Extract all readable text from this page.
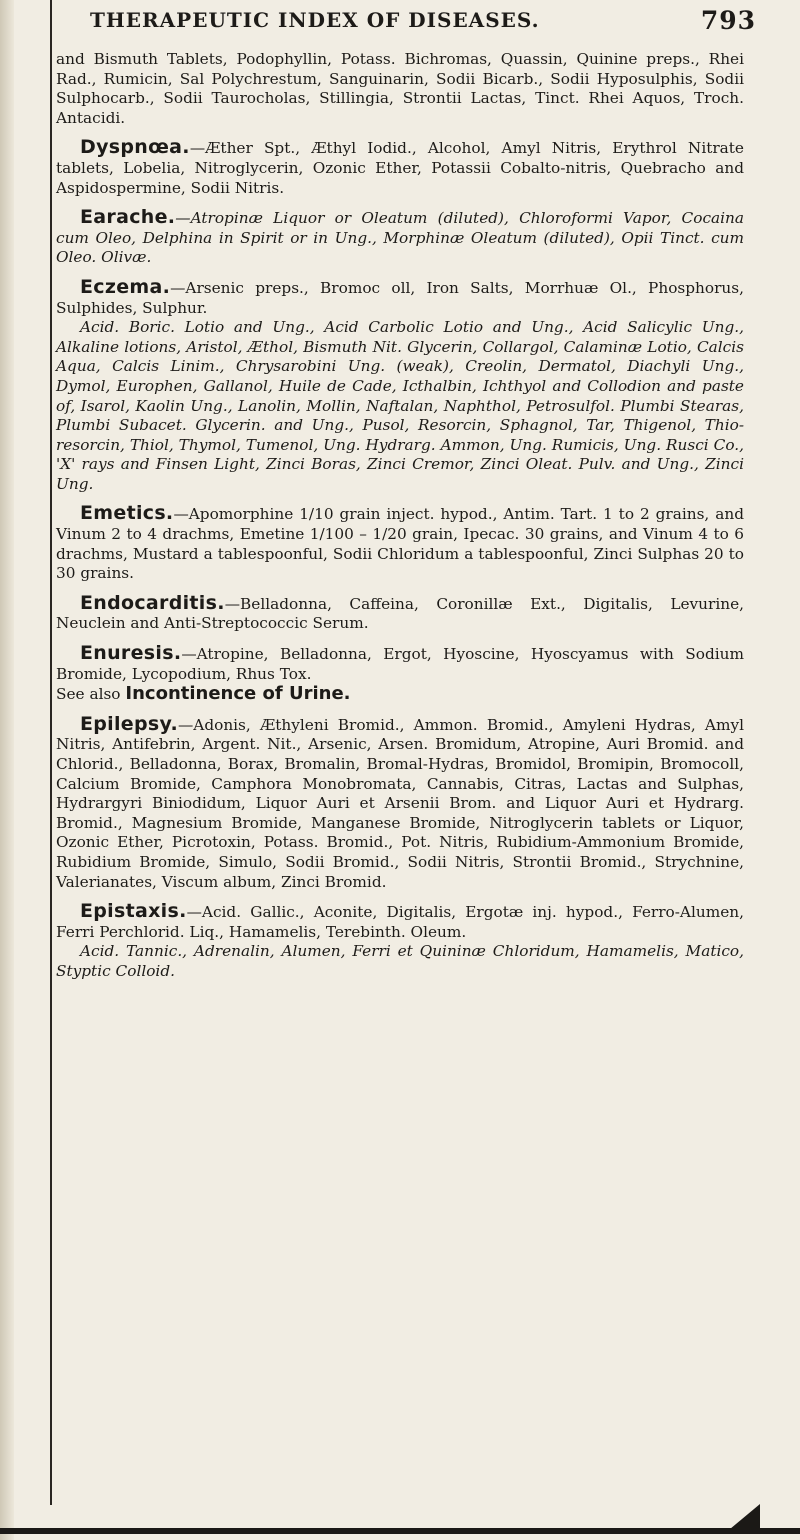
THERAPEUTIC INDEX OF DISEASES.	793

and Bismuth Tablets, Podophyllin, Potass. Bichromas, Quassin, Quinine preps., Rhei Rad., Rumicin, Sal Polychrestum, Sanguinarin, Sodii Bicarb., Sodii Hyposulphis, Sodii Sulphocarb., Sodii Taurocholas, Stillingia, Strontii Lactas, Tinct. Rhei Aquos, Troch. Antacidi.

Dyspnœa.—Æther Spt., Æthyl Iodid., Alcohol, Amyl Nitris, Erythrol Nitrate tablets, Lobelia, Nitroglycerin, Ozonic Ether, Potassii Cobalto-nitris, Quebracho and Aspidospermine, Sodii Nitris.

Earache.—Atropinæ Liquor or Oleatum (diluted), Chloroformi Vapor, Cocaina cum Oleo, Delphina in Spirit or in Ung., Morphinæ Oleatum (diluted), Opii Tinct. cum Oleo. Olivæ.

Eczema.—Arsenic preps., Bromoc oll, Iron Salts, Morrhuæ Ol., Phosphorus, Sulphides, Sulphur.

Acid. Boric. Lotio and Ung., Acid Carbolic Lotio and Ung., Acid Salicylic Ung., Alkaline lotions, Aristol, Æthol, Bismuth Nit. Glycerin, Collargol, Calaminæ Lotio, Calcis Aqua, Calcis Linim., Chrysarobini Ung. (weak), Creolin, Dermatol, Diachyli Ung., Dymol, Europhen, Gallanol, Huile de Cade, Icthalbin, Ichthyol and Collodion and paste of, Isarol, Kaolin Ung., Lanolin, Mollin, Naftalan, Naphthol, Petrosulfol. Plumbi Stearas, Plumbi Subacet. Glycerin. and Ung., Pusol, Resorcin, Sphagnol, Tar, Thigenol, Thio-resorcin, Thiol, Thymol, Tumenol, Ung. Hydrarg. Ammon, Ung. Rumicis, Ung. Rusci Co., 'X' rays and Finsen Light, Zinci Boras, Zinci Cremor, Zinci Oleat. Pulv. and Ung., Zinci Ung.

Emetics.—Apomorphine 1/10 grain inject. hypod., Antim. Tart. 1 to 2 grains, and Vinum 2 to 4 drachms, Emetine 1/100 – 1/20 grain, Ipecac. 30 grains, and Vinum 4 to 6 drachms, Mustard a tablespoonful, Sodii Chloridum a tablespoonful, Zinci Sulphas 20 to 30 grains.

Endocarditis.—Belladonna, Caffeina, Coronillæ Ext., Digitalis, Levurine, Neuclein and Anti-Streptococcic Serum.

Enuresis.—Atropine, Belladonna, Ergot, Hyoscine, Hyoscyamus with Sodium Bromide, Lycopodium, Rhus Tox.

See also Incontinence of Urine.

Epilepsy.—Adonis, Æthyleni Bromid., Ammon. Bromid., Amyleni Hydras, Amyl Nitris, Antifebrin, Argent. Nit., Arsenic, Arsen. Bromidum, Atropine, Auri Bromid. and Chlorid., Belladonna, Borax, Bromalin, Bromal-Hydras, Bromidol, Bromipin, Bromocoll, Calcium Bromide, Camphora Monobromata, Cannabis, Citras, Lactas and Sulphas, Hydrargyri Biniodidum, Liquor Auri et Arsenii Brom. and Liquor Auri et Hydrarg. Bromid., Magnesium Bromide, Manganese Bromide, Nitroglycerin tablets or Liquor, Ozonic Ether, Picrotoxin, Potass. Bromid., Pot. Nitris, Rubidium-Ammonium Bromide, Rubidium Bromide, Simulo, Sodii Bromid., Sodii Nitris, Strontii Bromid., Strychnine, Valerianates, Viscum album, Zinci Bromid.

Epistaxis.—Acid. Gallic., Aconite, Digitalis, Ergotæ inj. hypod., Ferro-Alumen, Ferri Perchlorid. Liq., Hamamelis, Terebinth. Oleum.

Acid. Tannic., Adrenalin, Alumen, Ferri et Quininæ Chloridum, Hamamelis, Matico, Styptic Colloid.
